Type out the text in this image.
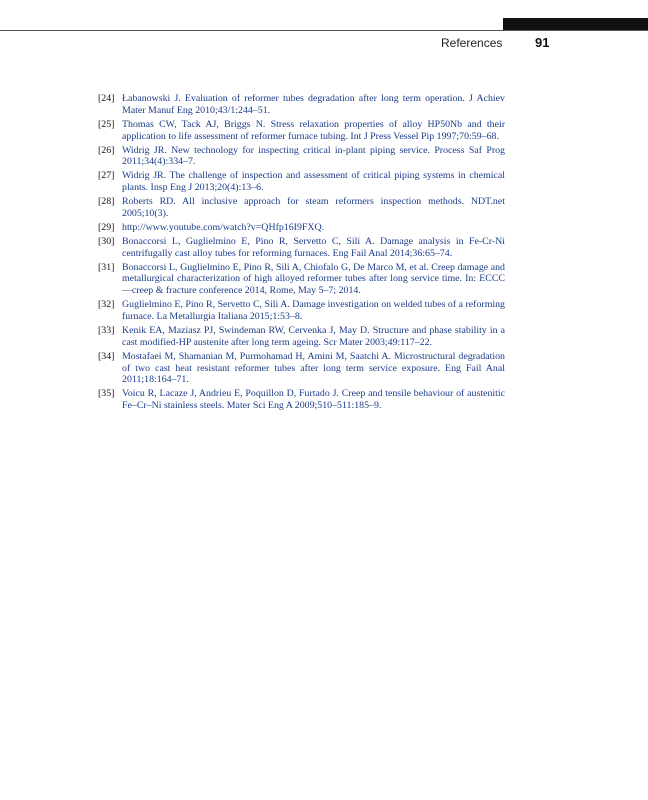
References	91
[24] Łabanowski J. Evaluation of reformer tubes degradation after long term operation. J Achiev Mater Manuf Eng 2010;43/1:244–51.
[25] Thomas CW, Tack AJ, Briggs N. Stress relaxation properties of alloy HP50Nb and their application to life assessment of reformer furnace tubing. Int J Press Vessel Pip 1997;70:59–68.
[26] Widrig JR. New technology for inspecting critical in-plant piping service. Process Saf Prog 2011;34(4):334–7.
[27] Widrig JR. The challenge of inspection and assessment of critical piping systems in chemical plants. Insp Eng J 2013;20(4):13–6.
[28] Roberts RD. All inclusive approach for steam reformers inspection methods. NDT.net 2005;10(3).
[29] http://www.youtube.com/watch?v=QHfp16I9FXQ.
[30] Bonaccorsi L, Guglielmino E, Pino R, Servetto C, Sili A. Damage analysis in Fe-Cr-Ni centrifugally cast alloy tubes for reforming furnaces. Eng Fail Anal 2014;36:65–74.
[31] Bonaccorsi L, Guglielmino E, Pino R, Sili A, Chiofalo G, De Marco M, et al. Creep damage and metallurgical characterization of high alloyed reformer tubes after long service time. In: ECCC—creep & fracture conference 2014, Rome, May 5–7; 2014.
[32] Guglielmino E, Pino R, Servetto C, Sili A. Damage investigation on welded tubes of a reforming furnace. La Metallurgia Italiana 2015;1:53–8.
[33] Kenik EA, Maziasz PJ, Swindeman RW, Cervenka J, May D. Structure and phase stability in a cast modified-HP austenite after long term ageing. Scr Mater 2003;49:117–22.
[34] Mostafaei M, Shamanian M, Purmohamad H, Amini M, Saatchi A. Microstructural degradation of two cast heat resistant reformer tubes after long term service exposure. Eng Fail Anal 2011;18:164–71.
[35] Voicu R, Lacaze J, Andrieu E, Poquillon D, Furtado J. Creep and tensile behaviour of austenitic Fe–Cr–Ni stainless steels. Mater Sci Eng A 2009;510–511:185–9.
